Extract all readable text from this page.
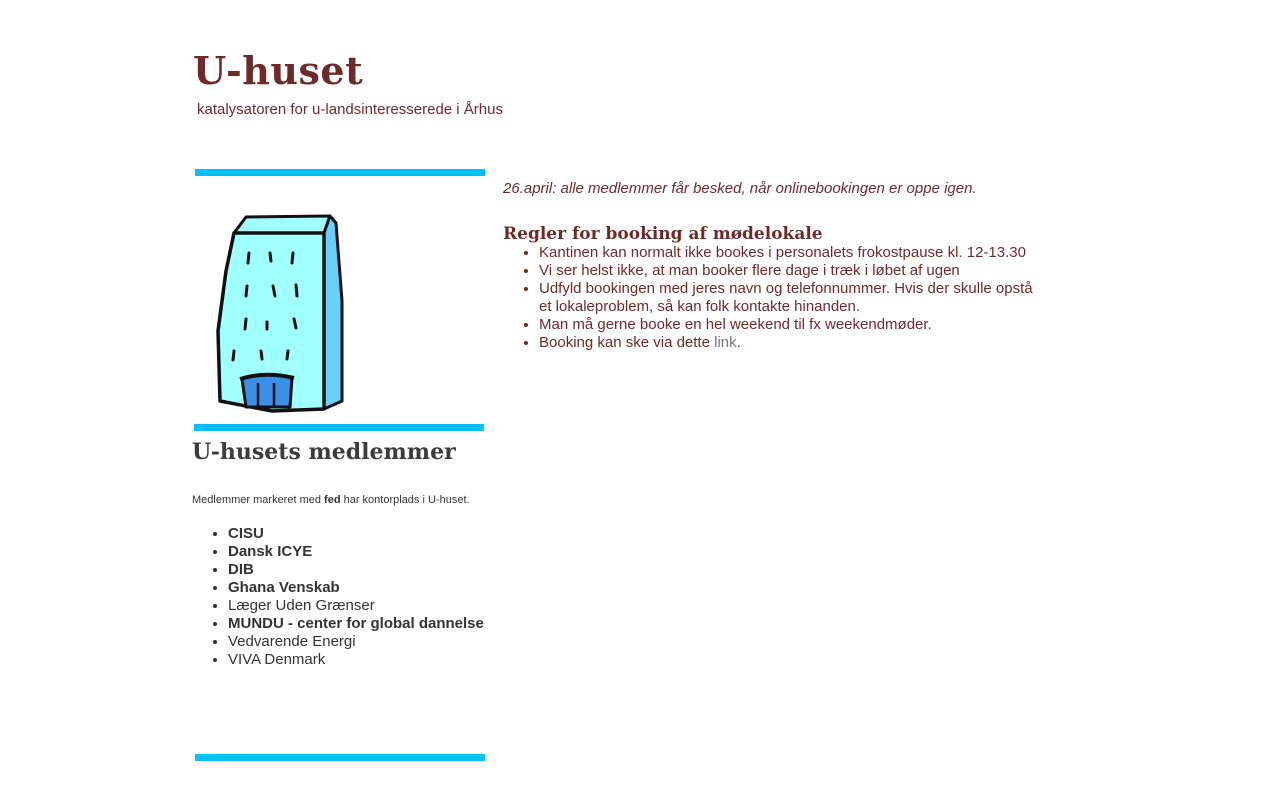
U-huset

katalysatoren for u-landsinteresserede i Århus

U-husets medlemmer

Medlemmer markeret med fed har kontorplads i U-huset.

• CISU
• Dansk ICYE
• DIB
• Ghana Venskab
• Læger Uden Grænser
• MUNDU - center for global dannelse
• Vedvarende Energi
• VIVA Denmark

26.april: alle medlemmer får besked, når onlinebookingen er oppe igen.

Regler for booking af mødelokale
• Kantinen kan normalt ikke bookes i personalets frokostpause kl. 12-13.30
• Vi ser helst ikke, at man booker flere dage i træk i løbet af ugen
• Udfyld bookingen med jeres navn og telefonnummer. Hvis der skulle opstå et lokaleproblem, så kan folk kontakte hinanden.
• Man må gerne booke en hel weekend til fx weekendmøder.
• Booking kan ske via dette link.
